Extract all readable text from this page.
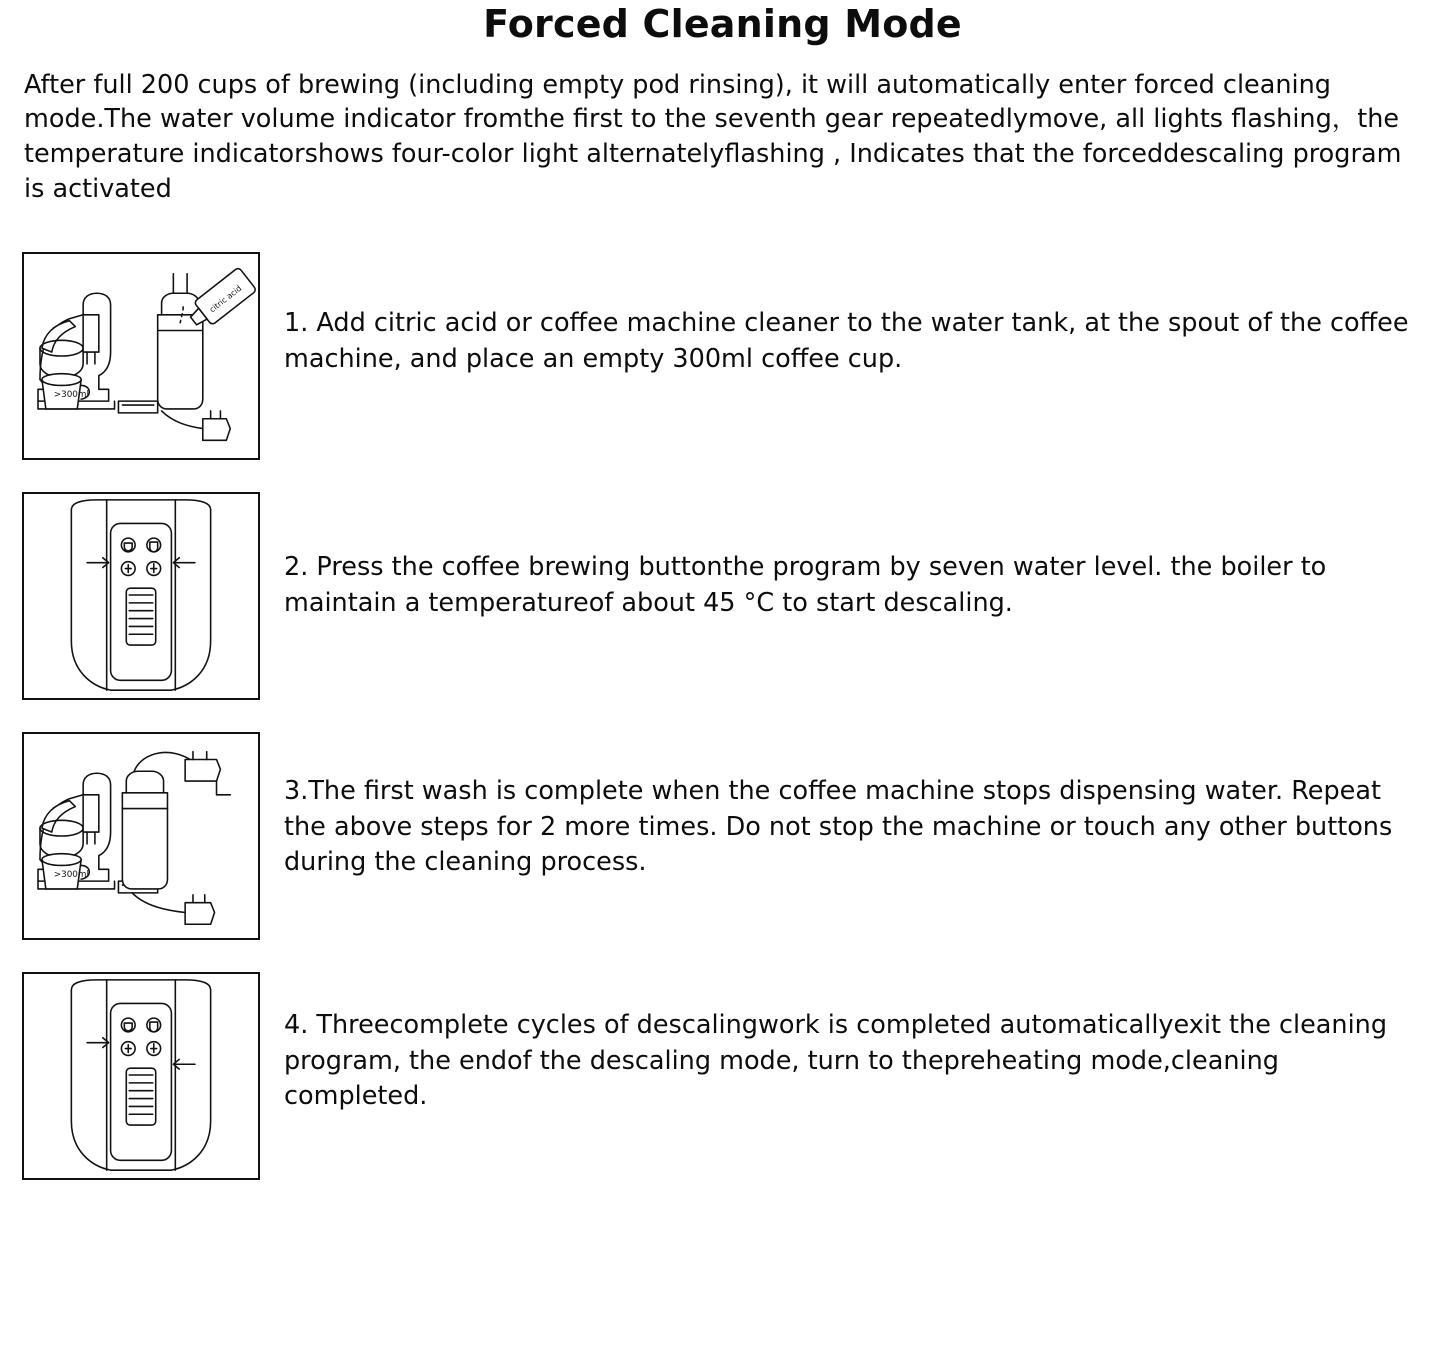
Forced Cleaning Mode

After full 200 cups of brewing (including empty pod rinsing), it will automatically enter forced cleaning mode.The water volume indicator fromthe first to the seventh gear repeatedlymove, all lights flashing，the temperature indicatorshows four-color light alternatelyflashing , Indicates that the forceddescaling program is activated

citric acid
>300ml
1. Add citric acid or coffee machine cleaner to the water tank, at the spout of the coffee machine, and place an empty 300ml coffee cup.
2. Press the coffee brewing buttonthe program by seven water level. the boiler to maintain a temperatureof about 45 °C to start descaling.
>300ml
3.The first wash is complete when the coffee machine stops dispensing water. Repeat the above steps for 2 more times. Do not stop the machine or touch any other buttons during the cleaning process.
4. Threecomplete cycles of descalingwork is completed automaticallyexit the cleaning program, the endof the descaling mode, turn to thepreheating mode,cleaning completed.
